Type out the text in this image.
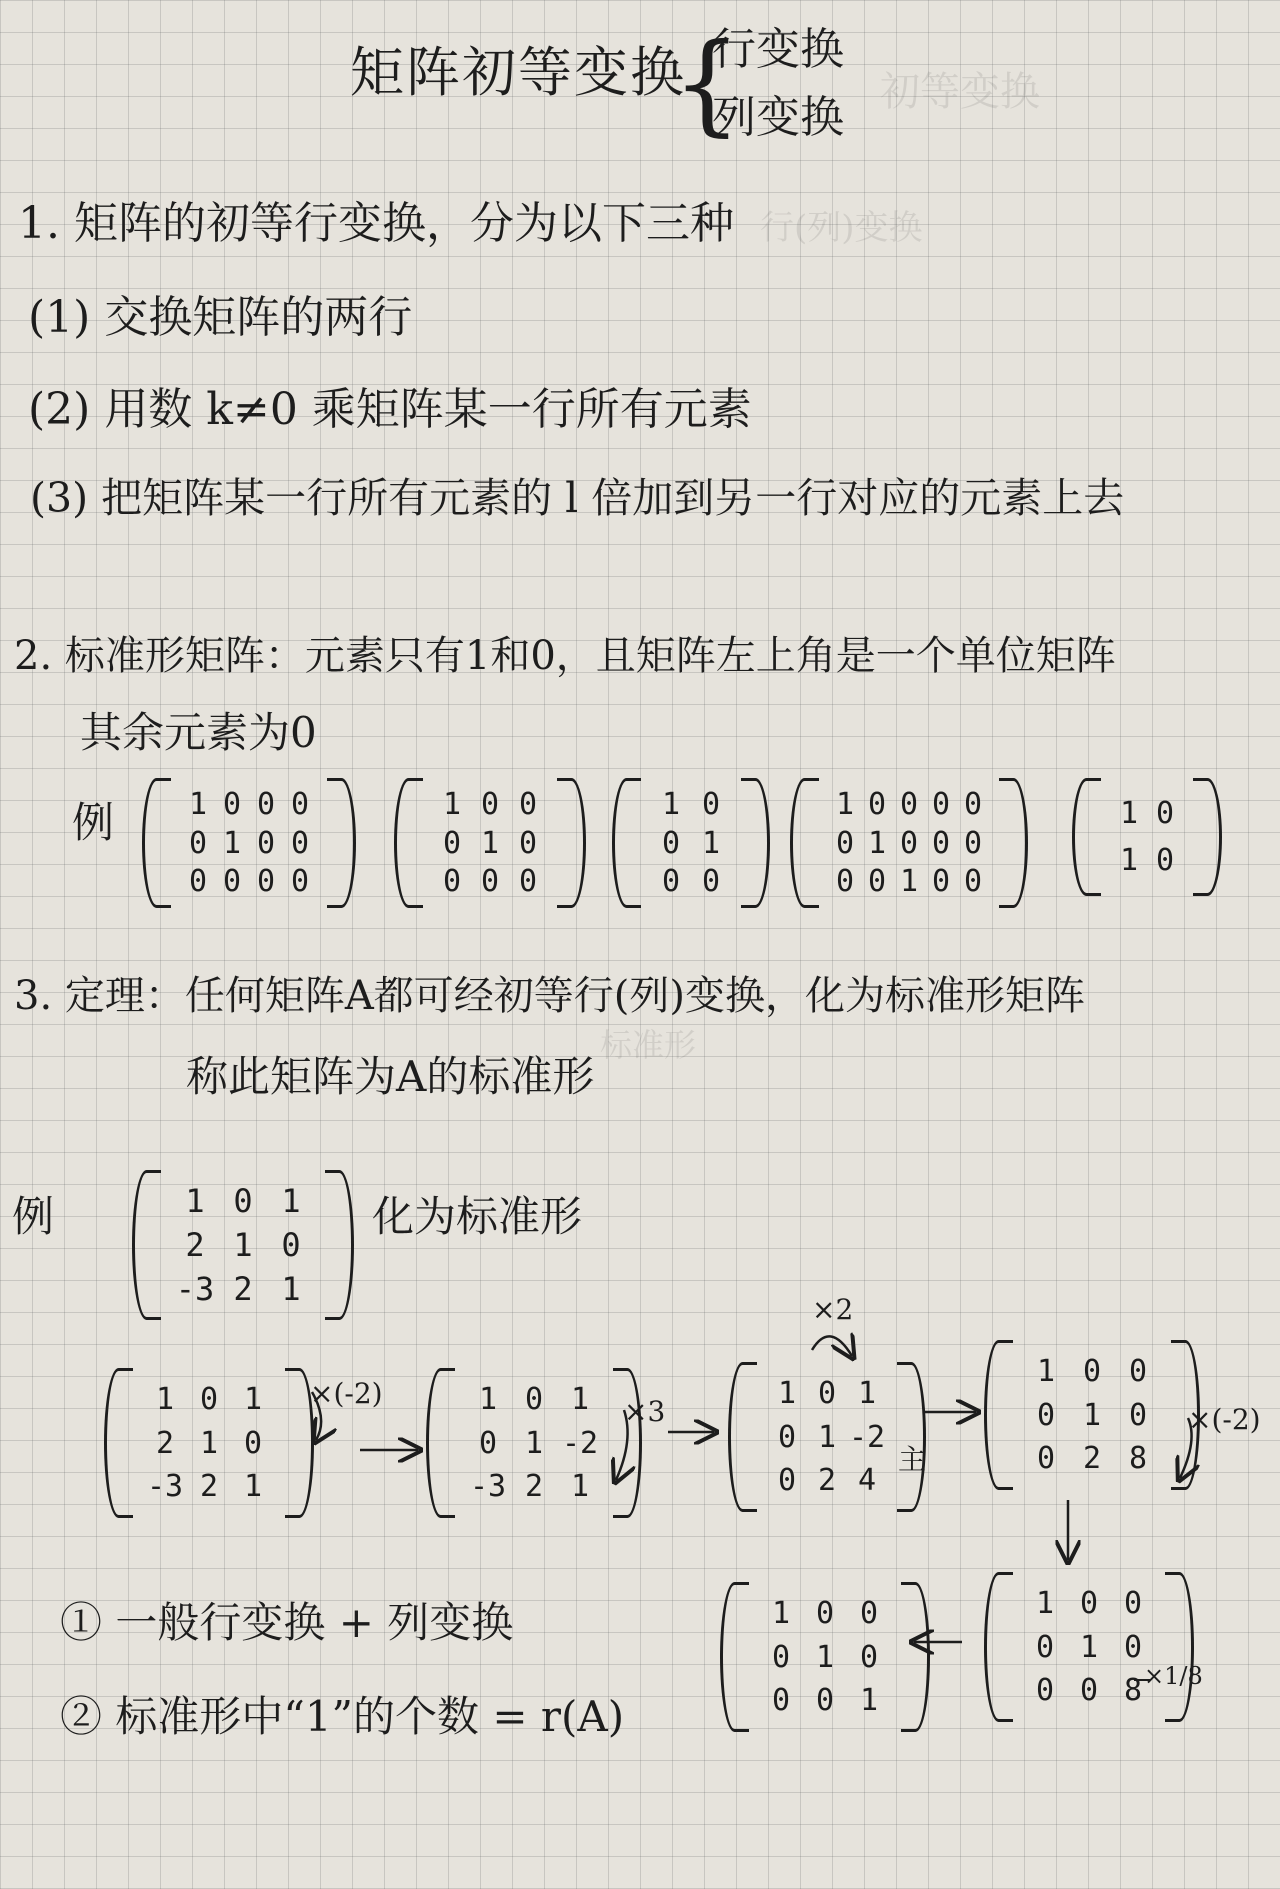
初等变换
行(列)变换
标准形
矩阵初等变换
{
行变换
列变换
1. 矩阵的初等行变换，分为以下三种
(1) 交换矩阵的两行
(2) 用数 k≠0 乘矩阵某一行所有元素
(3) 把矩阵某一行所有元素的 l 倍加到另一行对应的元素上去
2. 标准形矩阵：元素只有1和0，且矩阵左上角是一个单位矩阵
其余元素为0
例
3. 定理：任何矩阵A都可经初等行(列)变换，化为标准形矩阵
称此矩阵为A的标准形
例	化为标准形
×(-2)
×3
×2
主
×(-2)
×1/8
① 一般行变换 + 列变换
② 标准形中“1”的个数 = r(A)
1 0 0 0
0 1 0 0
0 0 0 0
1 0 0
0 1 0
0 0 0
1 0
0 1
0 0
1 0 0 0 0
0 1 0 0 0
0 0 1 0 0
1 0
1 0
1 0 1
2 1 0
-3 2 1
1 0 1
2 1 0
-3 2 1
1 0 1
0 1 -2
-3 2 1
1 0 1
0 1 -2
0 2 4
1 0 0
0 1 0
0 2 8
1 0 0
0 1 0
0 0 8
1 0 0
0 1 0
0 0 1
